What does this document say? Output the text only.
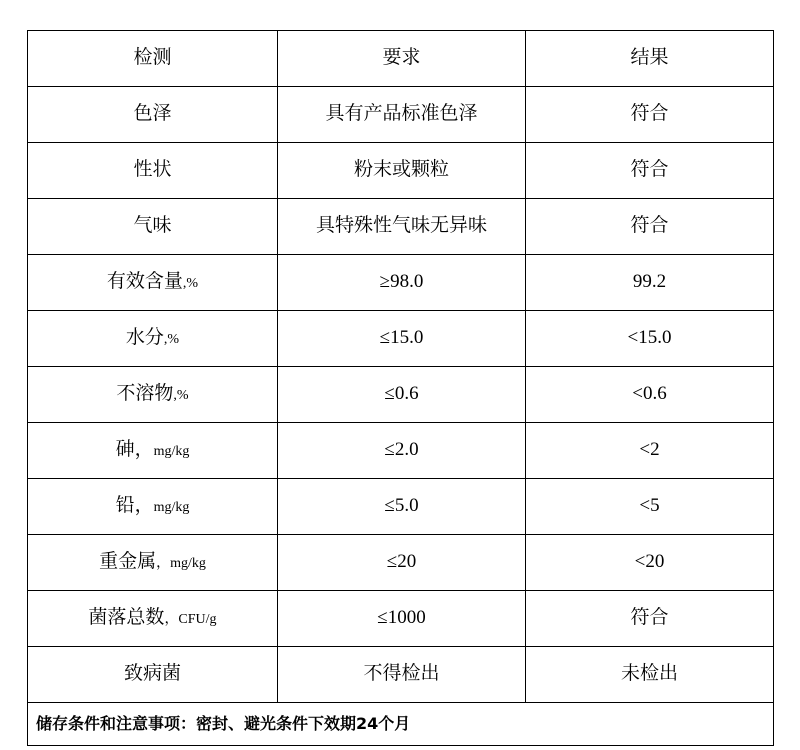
检测	要求	结果

色泽	具有产品标准色泽	符合

性状	粉末或颗粒	符合

气味	具特殊性气味无异味	符合

有效含量,%	≥98.0	99.2

水分,%	≤15.0	<15.0

不溶物,%	≤0.6	<0.6

砷，mg/kg	≤2.0	<2

铅，mg/kg	≤5.0	<5

重金属，mg/kg	≤20	<20

菌落总数，CFU/g	≤1000	符合

致病菌	不得检出	未检出

储存条件和注意事项：密封、避光条件下效期24个月		
